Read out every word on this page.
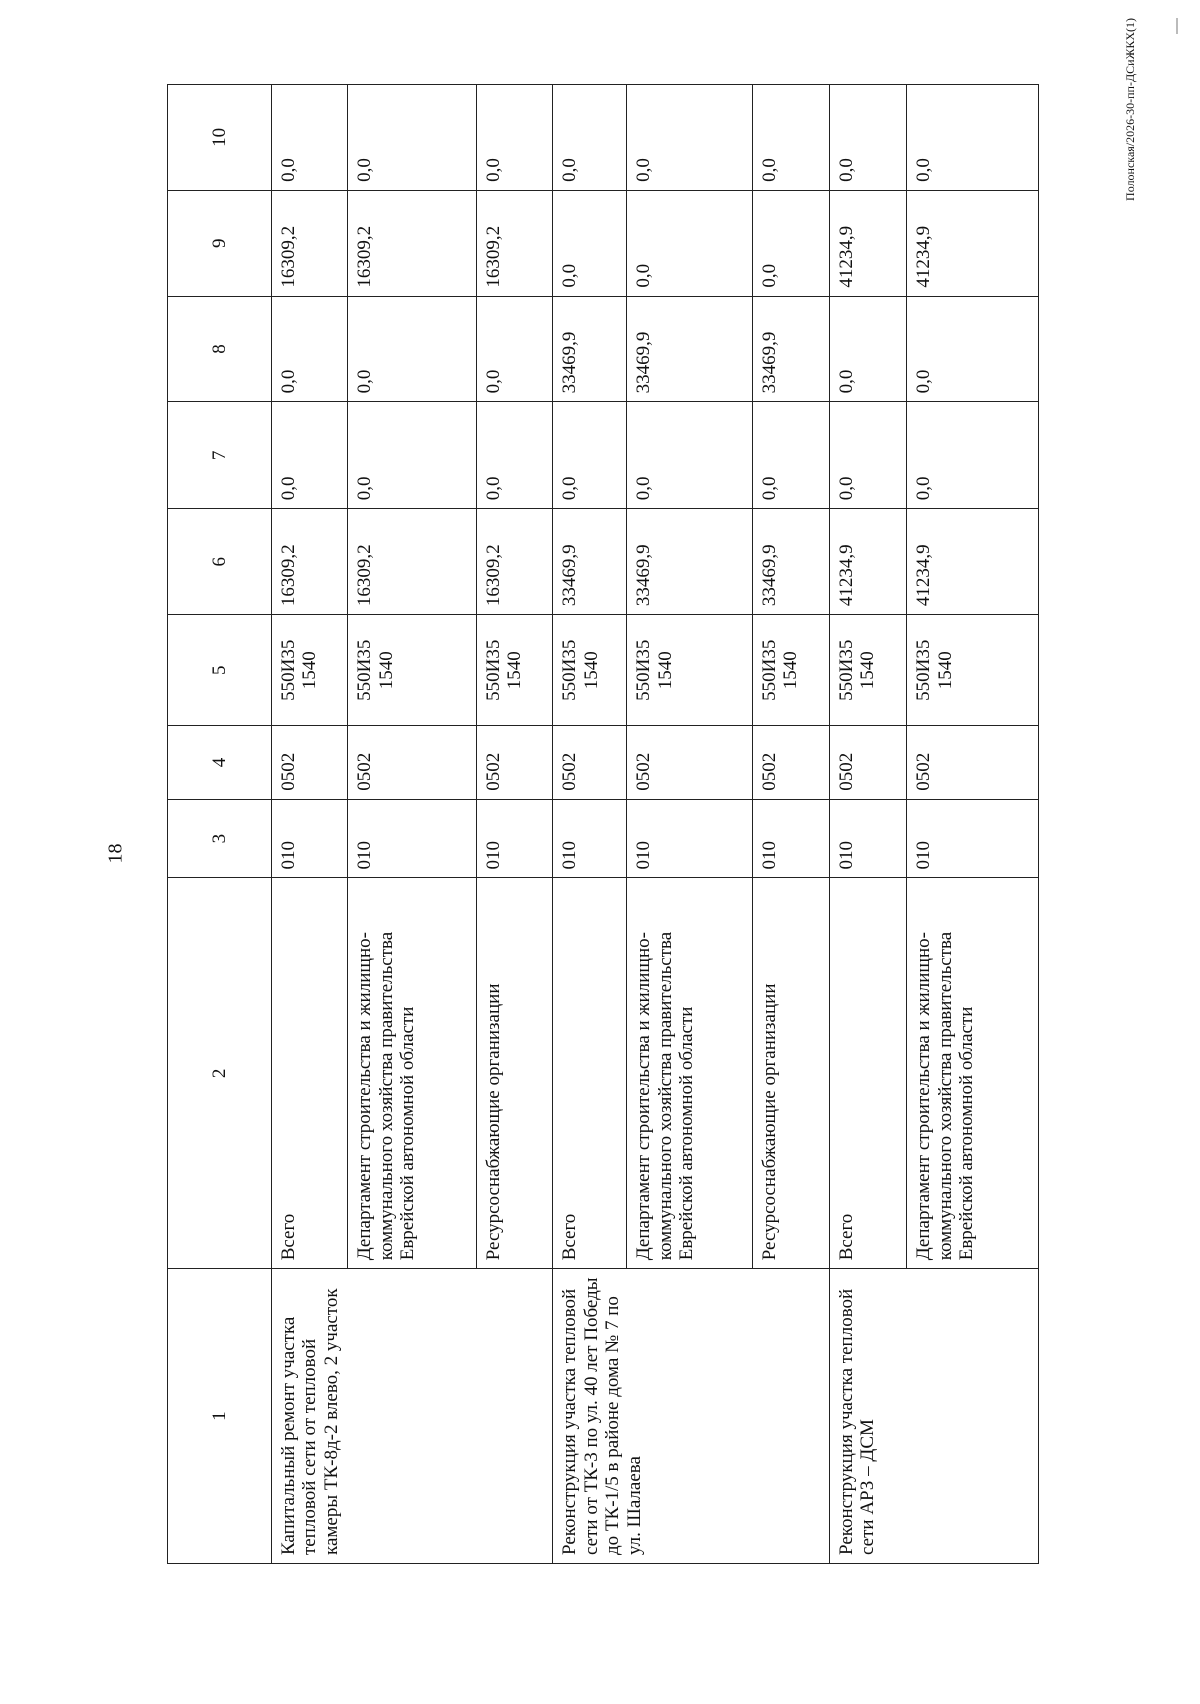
18
Полонская/2026-30-пп-ДСиЖКХ(1)
1	2	3	4	5	6	7	8	9	10
Капитальный ремонт участка тепловой сети от тепловой камеры ТК-8д-2 влево, 2 участок	Всего	010	0502	550И35 1540	16309,2	0,0	0,0	16309,2	0,0
	Департамент строительства и жилищно-коммунального хозяйства правительства Еврейской автономной области	010	0502	550И35 1540	16309,2	0,0	0,0	16309,2	0,0
	Ресурсоснабжающие организации	010	0502	550И35 1540	16309,2	0,0	0,0	16309,2	0,0
Реконструкция участка тепловой сети от ТК-3 по ул. 40 лет Победы до ТК-1/5 в районе дома № 7 по ул. Шалаева	Всего	010	0502	550И35 1540	33469,9	0,0	33469,9	0,0	0,0
	Департамент строительства и жилищно-коммунального хозяйства правительства Еврейской автономной области	010	0502	550И35 1540	33469,9	0,0	33469,9	0,0	0,0
	Ресурсоснабжающие организации	010	0502	550И35 1540	33469,9	0,0	33469,9	0,0	0,0
Реконструкция участка тепловой сети АРЗ – ДСМ	Всего	010	0502	550И35 1540	41234,9	0,0	0,0	41234,9	0,0
	Департамент строительства и жилищно-коммунального хозяйства правительства Еврейской автономной области	010	0502	550И35 1540	41234,9	0,0	0,0	41234,9	0,0
